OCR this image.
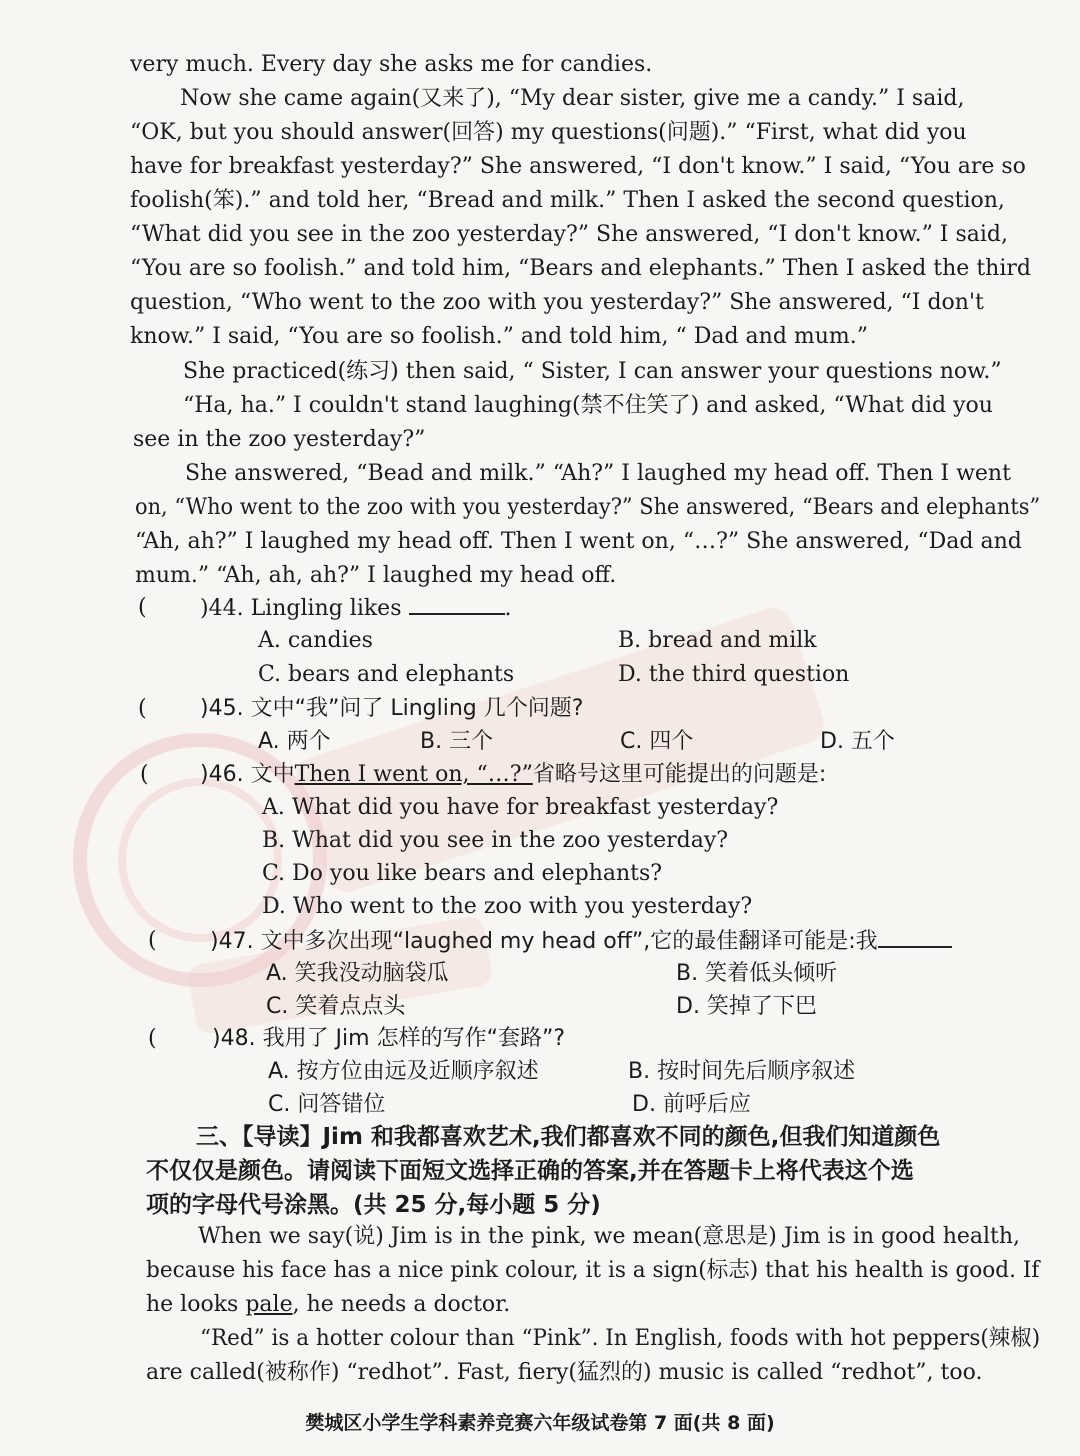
very much. Every day she asks me for candies.
Now she came again(又来了), “My dear sister, give me a candy.” I said,
“OK, but you should answer(回答) my questions(问题).” “First, what did you
have for breakfast yesterday?” She answered, “I don't know.” I said, “You are so
foolish(笨).” and told her, “Bread and milk.” Then I asked the second question,
“What did you see in the zoo yesterday?” She answered, “I don't know.” I said,
“You are so foolish.” and told him, “Bears and elephants.” Then I asked the third
question, “Who went to the zoo with you yesterday?” She answered, “I don't
know.” I said, “You are so foolish.” and told him, “ Dad and mum.”
She practiced(练习) then said, “ Sister, I can answer your questions now.”
“Ha, ha.” I couldn't stand laughing(禁不住笑了) and asked, “What did you
see in the zoo yesterday?”
She answered, “Bead and milk.” “Ah?” I laughed my head off. Then I went
on, “Who went to the zoo with you yesterday?” She answered, “Bears and elephants”
“Ah, ah?” I laughed my head off. Then I went on, “…?” She answered, “Dad and
mum.” “Ah, ah, ah?” I laughed my head off.
( )44. Lingling likes	.
A. candies	B. bread and milk
C. bears and elephants	D. the third question
( )45. 文中“我”问了 Lingling 几个问题?
A. 两个	B. 三个	C. 四个	D. 五个
( )46. 文中Then I went on, “…?”省略号这里可能提出的问题是:
A. What did you have for breakfast yesterday?
B. What did you see in the zoo yesterday?
C. Do you like bears and elephants?
D. Who went to the zoo with you yesterday?
( )47. 文中多次出现“laughed my head off”,它的最佳翻译可能是:我
A. 笑我没动脑袋瓜	B. 笑着低头倾听
C. 笑着点点头	D. 笑掉了下巴
(	)48. 我用了 Jim 怎样的写作“套路”?
A. 按方位由远及近顺序叙述	B. 按时间先后顺序叙述
C. 问答错位	D. 前呼后应
三、【导读】Jim 和我都喜欢艺术,我们都喜欢不同的颜色,但我们知道颜色
不仅仅是颜色。请阅读下面短文选择正确的答案,并在答题卡上将代表这个选
项的字母代号涂黑。(共 25 分,每小题 5 分)
When we say(说) Jim is in the pink, we mean(意思是) Jim is in good health,
because his face has a nice pink colour, it is a sign(标志) that his health is good. If
he looks pale, he needs a doctor.
“Red” is a hotter colour than “Pink”. In English, foods with hot peppers(辣椒)
are called(被称作) “redhot”. Fast, fiery(猛烈的) music is called “redhot”, too.
樊城区小学生学科素养竞赛六年级试卷第 7 面(共 8 面)
